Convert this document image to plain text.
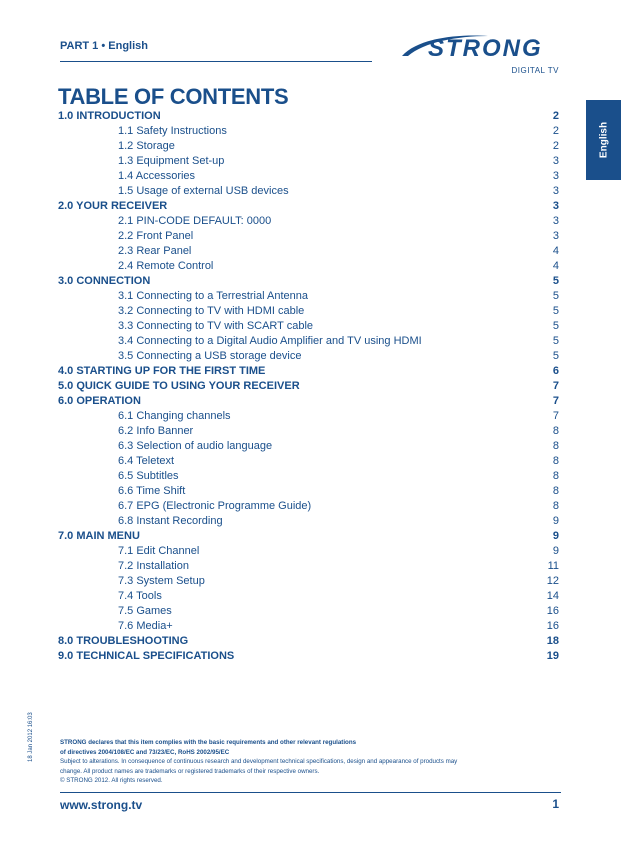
PART 1 • English	STRONG
DIGITAL TV
English
TABLE OF CONTENTS
1.0 INTRODUCTION	2
1.1 Safety Instructions	2
1.2 Storage	2
1.3 Equipment Set-up	3
1.4 Accessories	3
1.5 Usage of external USB devices	3
2.0 YOUR RECEIVER	3
2.1 PIN-CODE DEFAULT: 0000	3
2.2 Front Panel	3
2.3 Rear Panel	4
2.4 Remote Control	4
3.0 CONNECTION	5
3.1 Connecting to a Terrestrial Antenna	5
3.2 Connecting to TV with HDMI cable	5
3.3 Connecting to TV with SCART cable	5
3.4 Connecting to a Digital Audio Amplifier and TV using HDMI	5
3.5 Connecting a USB storage device	5
4.0 STARTING UP FOR THE FIRST TIME	6
5.0 QUICK GUIDE TO USING YOUR RECEIVER	7
6.0 OPERATION	7
6.1 Changing channels	7
6.2 Info Banner	8
6.3 Selection of audio language	8
6.4 Teletext	8
6.5 Subtitles	8
6.6 Time Shift	8
6.7 EPG (Electronic Programme Guide)	8
6.8 Instant Recording	9
7.0 MAIN MENU	9
7.1 Edit Channel	9
7.2 Installation	11
7.3 System Setup	12
7.4 Tools	14
7.5 Games	16
7.6 Media+	16
8.0 TROUBLESHOOTING	18
9.0 TECHNICAL SPECIFICATIONS	19
18 Jan 2012 16:03	STRONG declares that this item complies with the basic requirements and other relevant regulations
of directives 2004/108/EC and 73/23/EC, RoHS 2002/95/EC
Subject to alterations. In consequence of continuous research and development technical specifications, design and appearance of products may
change. All product names are trademarks or registered trademarks of their respective owners.
© STRONG 2012. All rights reserved.
www.strong.tv	1
